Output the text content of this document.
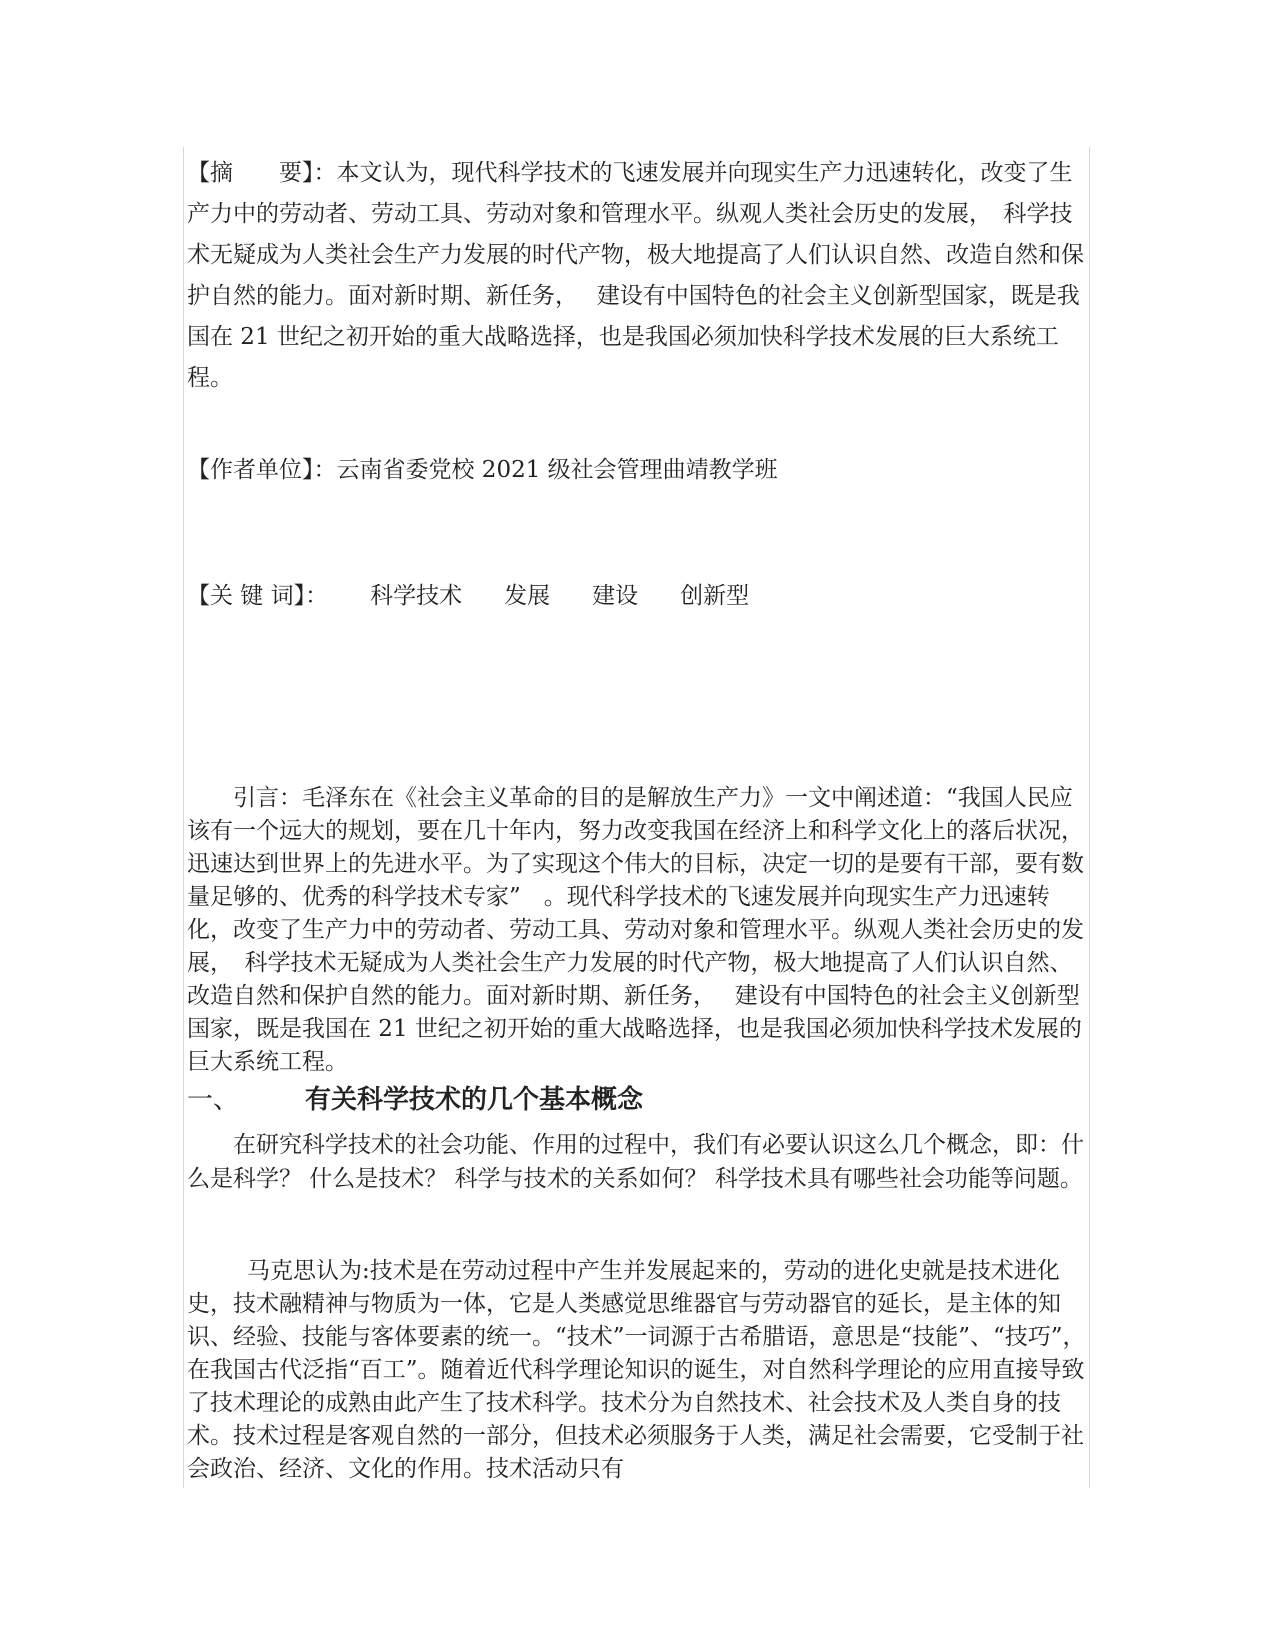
【摘　　要】：本文认为，现代科学技术的飞速发展并向现实生产力迅速转化，改变了生产力中的劳动者、劳动工具、劳动对象和管理水平。纵观人类社会历史的发展，　科学技术无疑成为人类社会生产力发展的时代产物，极大地提高了人们认识自然、改造自然和保护自然的能力。面对新时期、新任务，　 建设有中国特色的社会主义创新型国家，既是我国在 21 世纪之初开始的重大战略选择，也是我国必须加快科学技术发展的巨大系统工程。

【作者单位】：云南省委党校 2021 级社会管理曲靖教学班

【关 键 词】： 科学技术 发展 建设 创新型

引言：毛泽东在《社会主义革命的目的是解放生产力》一文中阐述道：“我国人民应该有一个远大的规划，要在几十年内，努力改变我国在经济上和科学文化上的落后状况，迅速达到世界上的先进水平。为了实现这个伟大的目标，决定一切的是要有干部，要有数量足够的、优秀的科学技术专家”　。现代科学技术的飞速发展并向现实生产力迅速转化，改变了生产力中的劳动者、劳动工具、劳动对象和管理水平。纵观人类社会历史的发展，　科学技术无疑成为人类社会生产力发展的时代产物，极大地提高了人们认识自然、改造自然和保护自然的能力。面对新时期、新任务，　 建设有中国特色的社会主义创新型国家，既是我国在 21 世纪之初开始的重大战略选择，也是我国必须加快科学技术发展的巨大系统工程。

一、	有关科学技术的几个基本概念

在研究科学技术的社会功能、作用的过程中，我们有必要认识这么几个概念，即：什么是科学？ 什么是技术？ 科学与技术的关系如何？ 科学技术具有哪些社会功能等问题。

马克思认为:技术是在劳动过程中产生并发展起来的，劳动的进化史就是技术进化史，技术融精神与物质为一体，它是人类感觉思维器官与劳动器官的延长，是主体的知识、经验、技能与客体要素的统一。“技术”一词源于古希腊语，意思是“技能”、“技巧”，在我国古代泛指“百工”。随着近代科学理论知识的诞生，对自然科学理论的应用直接导致了技术理论的成熟由此产生了技术科学。技术分为自然技术、社会技术及人类自身的技术。技术过程是客观自然的一部分，但技术必须服务于人类，满足社会需要，它受制于社会政治、经济、文化的作用。技术活动只有
